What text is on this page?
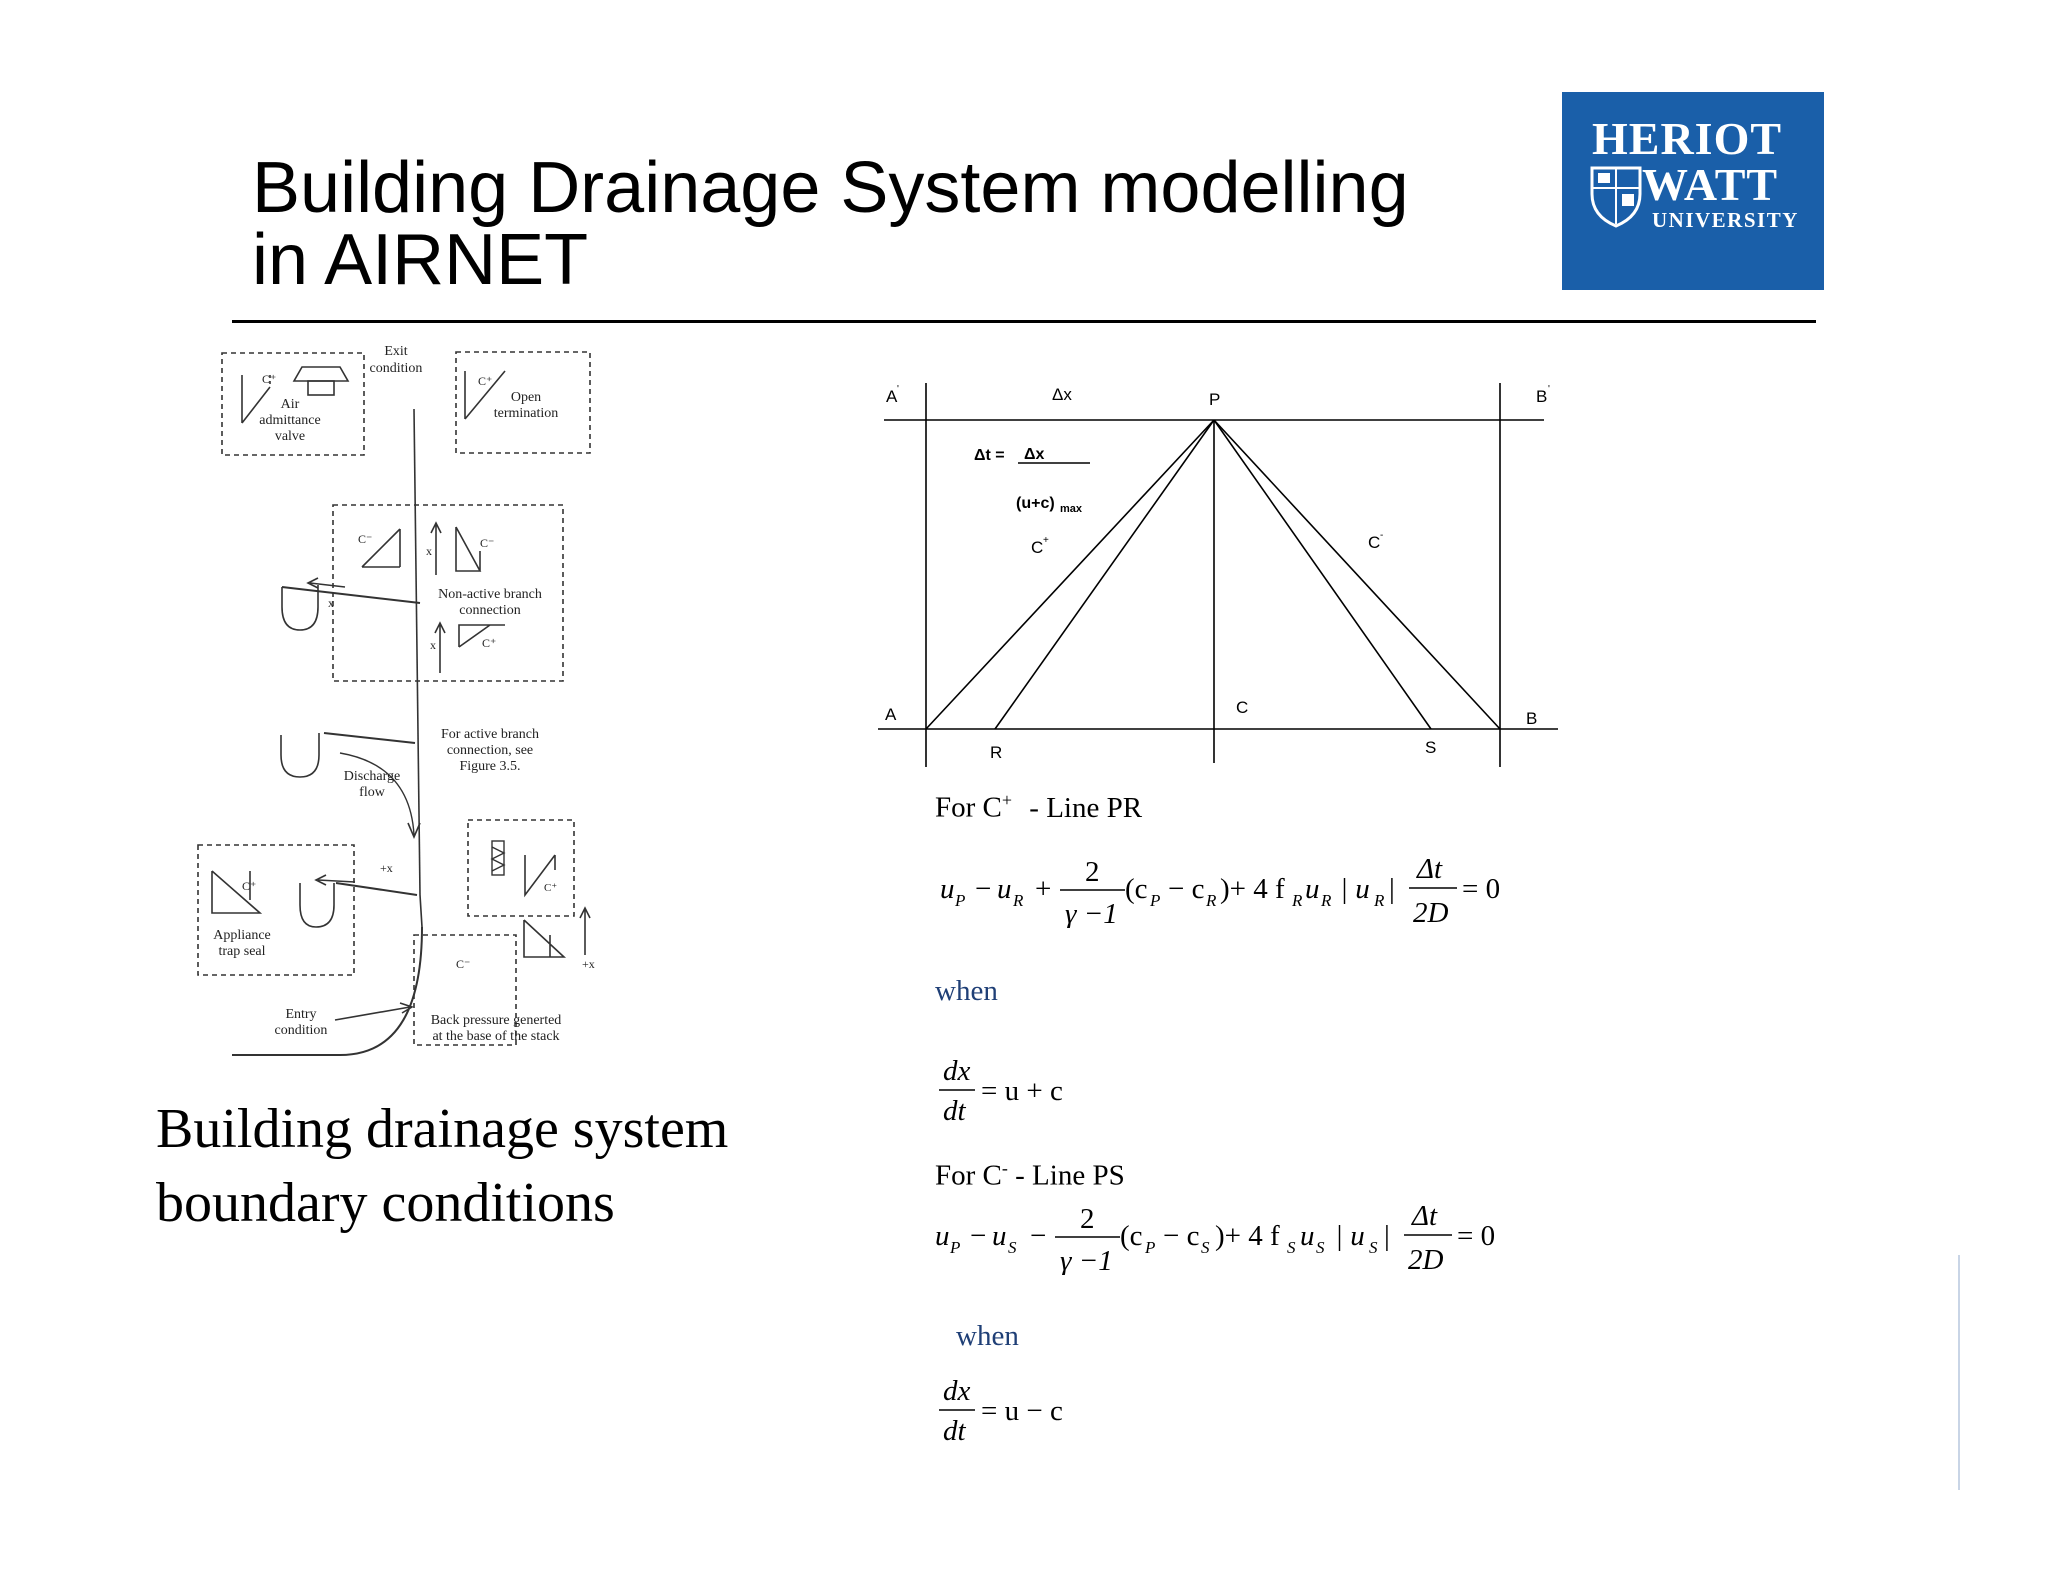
Building Drainage System modelling
in AIRNET
HERIOT
WATT
UNIVERSITY
Exit
condition
Air
admittance
valve
Open
termination
Non-active branch
connection
For active branch
connection, see
Figure 3.5.
Discharge
flow
Appliance
trap seal
Entry
condition
Back pressure generted
at the base of the stack
C⁺	C⁺
C⁻	C⁻
C⁺
C⁺	C⁺
C⁻
x
x
x
+x
+x
Building drainage system
boundary conditions
A '	B '
Δx	P
A	B
R	S
C
Δt = Δx
(u+c) max
C +	C -
For C+ - Line PR
u P − u R +
2
γ −1
(c P − c R )+ 4 f R u R | u R |
Δt
2D
= 0
when
dx
dt
= u + c
For C- - Line PS
u P − u S −
2
γ −1
(c P − c S )+ 4 f S u S | u S |
Δt
2D
= 0
when
dx
dt
= u − c
